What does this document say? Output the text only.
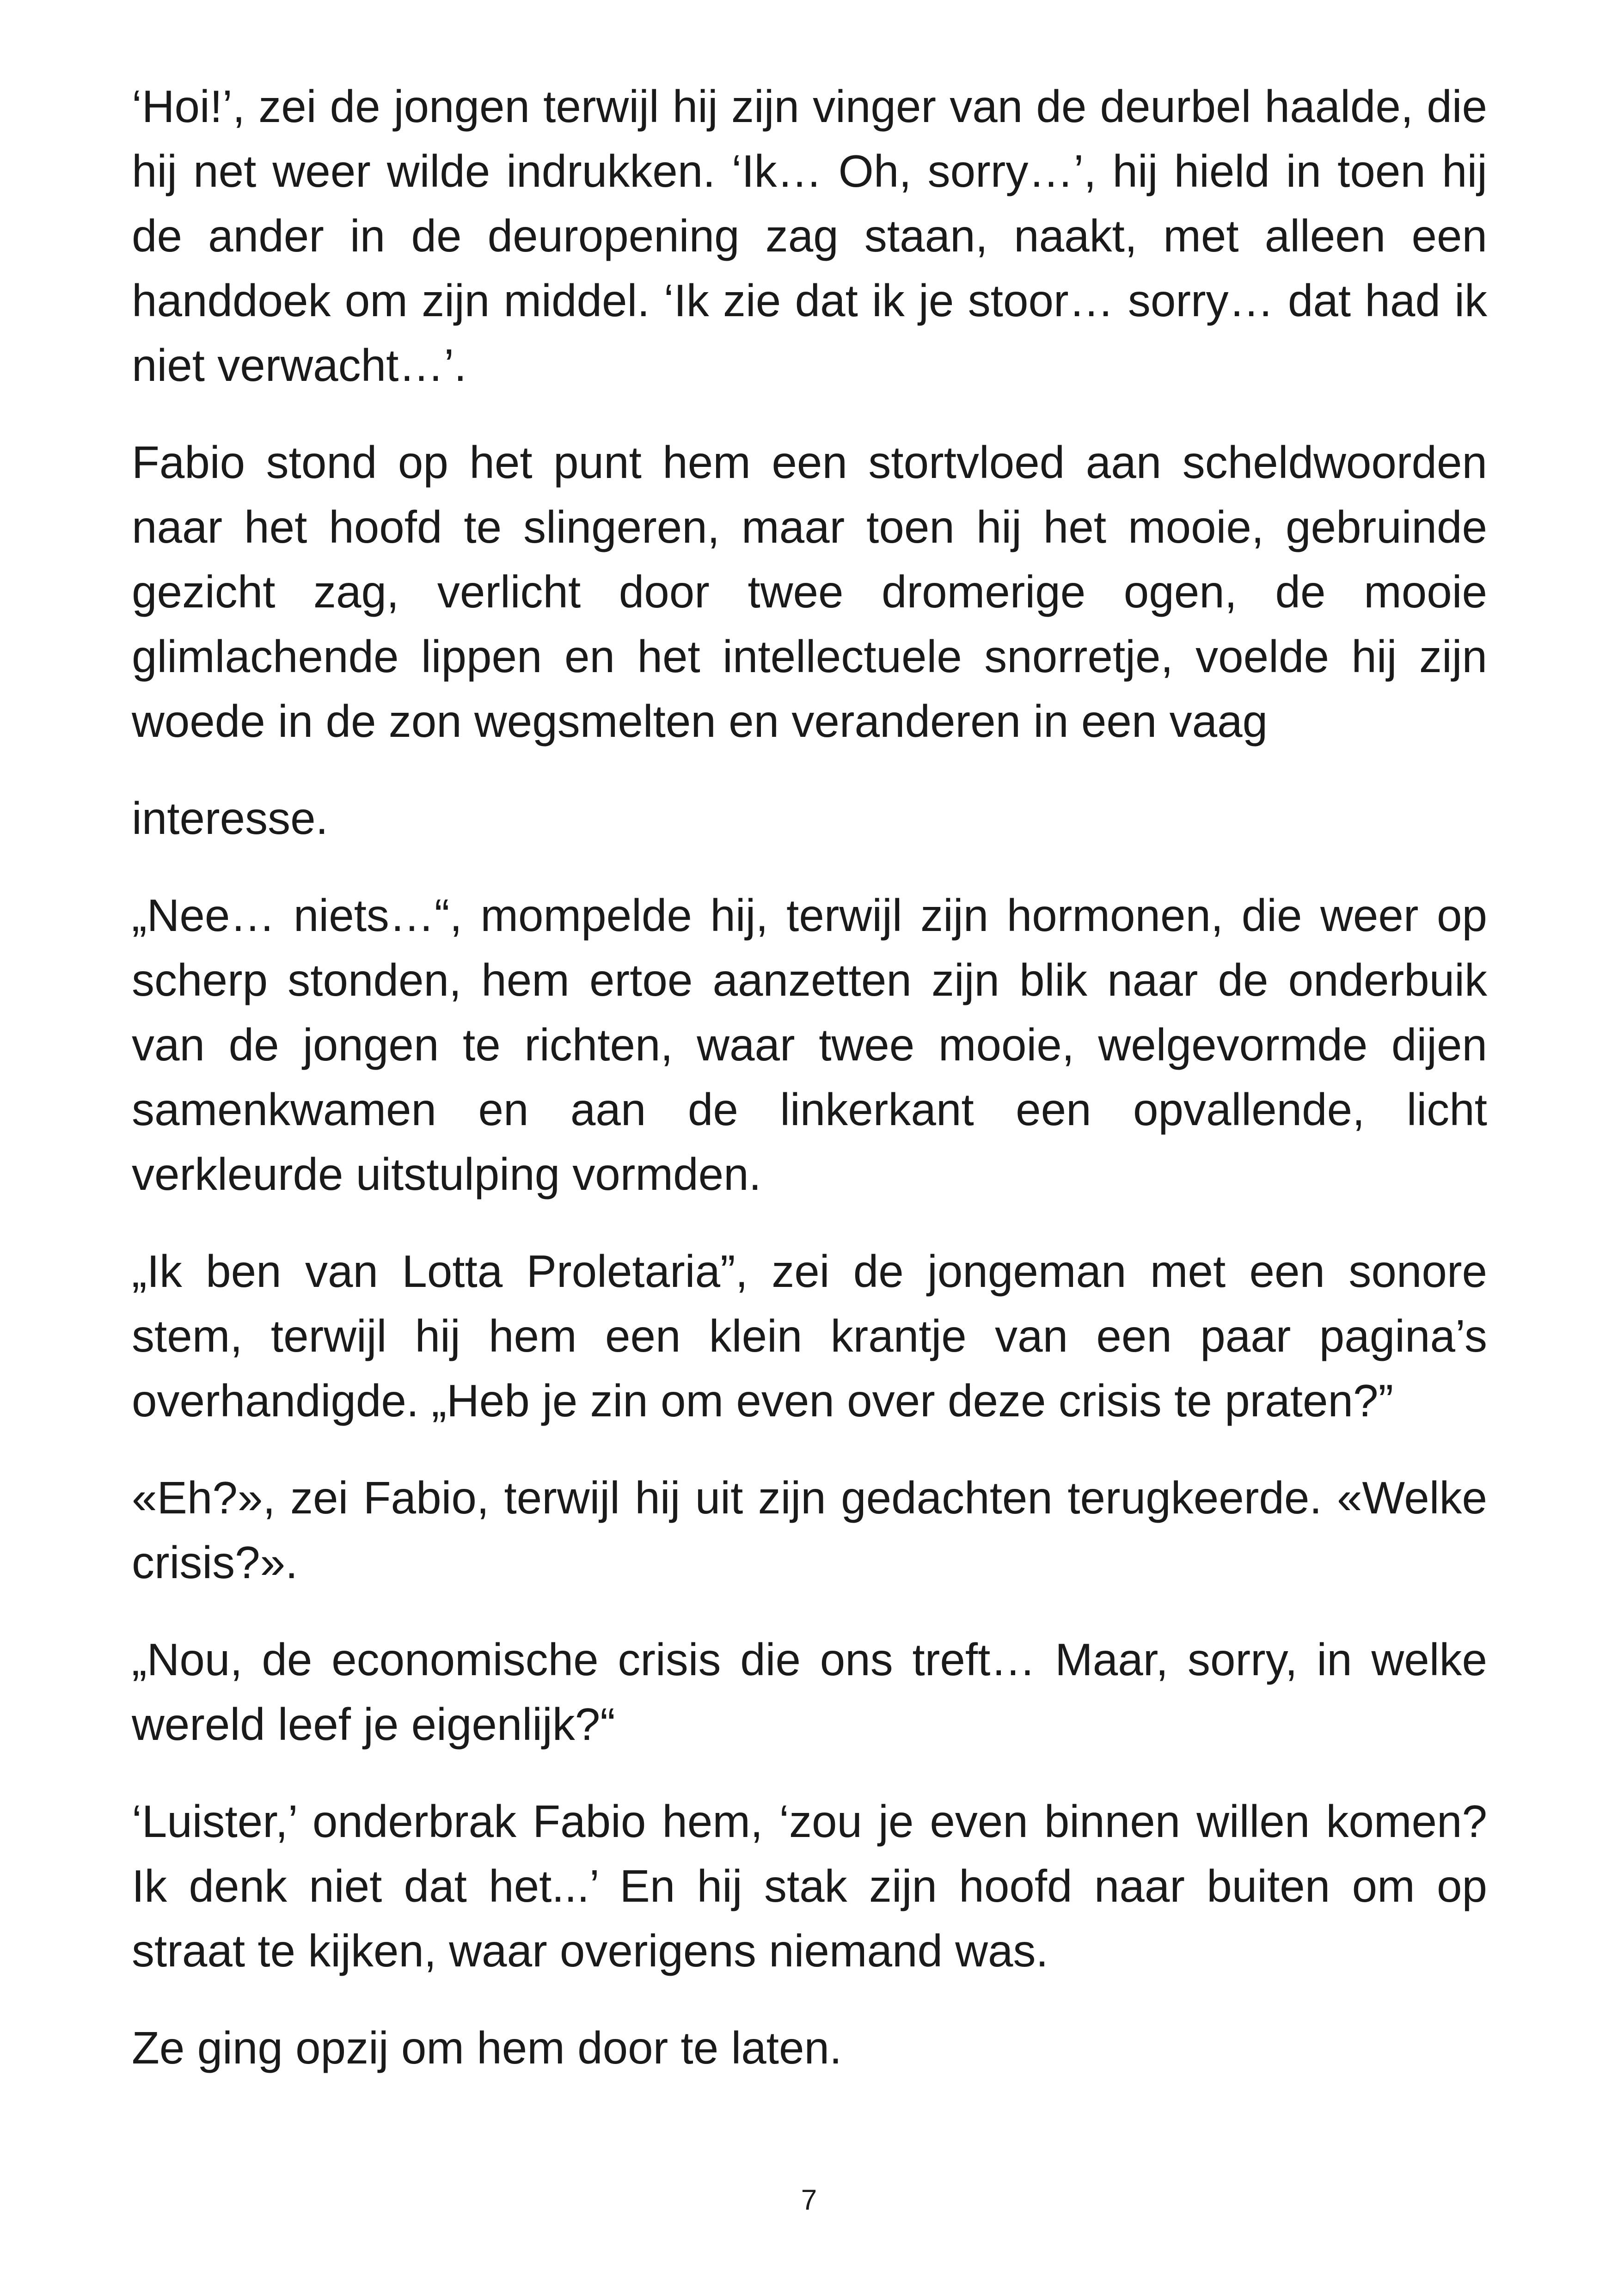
‘Hoi!’, zei de jongen terwijl hij zijn vinger van de deurbel haalde, die hij net weer wilde indrukken. ‘Ik… Oh, sorry…’, hij hield in toen hij de ander in de deuropening zag staan, naakt, met alleen een handdoek om zijn middel. ‘Ik zie dat ik je stoor… sorry… dat had ik niet verwacht…’.

Fabio stond op het punt hem een stortvloed aan scheldwoorden naar het hoofd te slingeren, maar toen hij het mooie, gebruinde gezicht zag, verlicht door twee dromerige ogen, de mooie glimlachende lippen en het intellectuele snorretje, voelde hij zijn woede in de zon wegsmelten en veranderen in een vaag

interesse.

„Nee… niets…“, mompelde hij, terwijl zijn hormonen, die weer op scherp stonden, hem ertoe aanzetten zijn blik naar de onderbuik van de jongen te richten, waar twee mooie, welgevormde dijen samenkwamen en aan de linkerkant een opvallende, licht verkleurde uitstulping vormden.

„Ik ben van Lotta Proletaria”, zei de jongeman met een sonore stem, terwijl hij hem een klein krantje van een paar pagina’s overhandigde. „Heb je zin om even over deze crisis te praten?”

«Eh?», zei Fabio, terwijl hij uit zijn gedachten terugkeerde. «Welke crisis?».

„Nou, de economische crisis die ons treft… Maar, sorry, in welke wereld leef je eigenlijk?“

‘Luister,’ onderbrak Fabio hem, ‘zou je even binnen willen komen? Ik denk niet dat het...’ En hij stak zijn hoofd naar buiten om op straat te kijken, waar overigens niemand was.

Ze ging opzij om hem door te laten.

7
